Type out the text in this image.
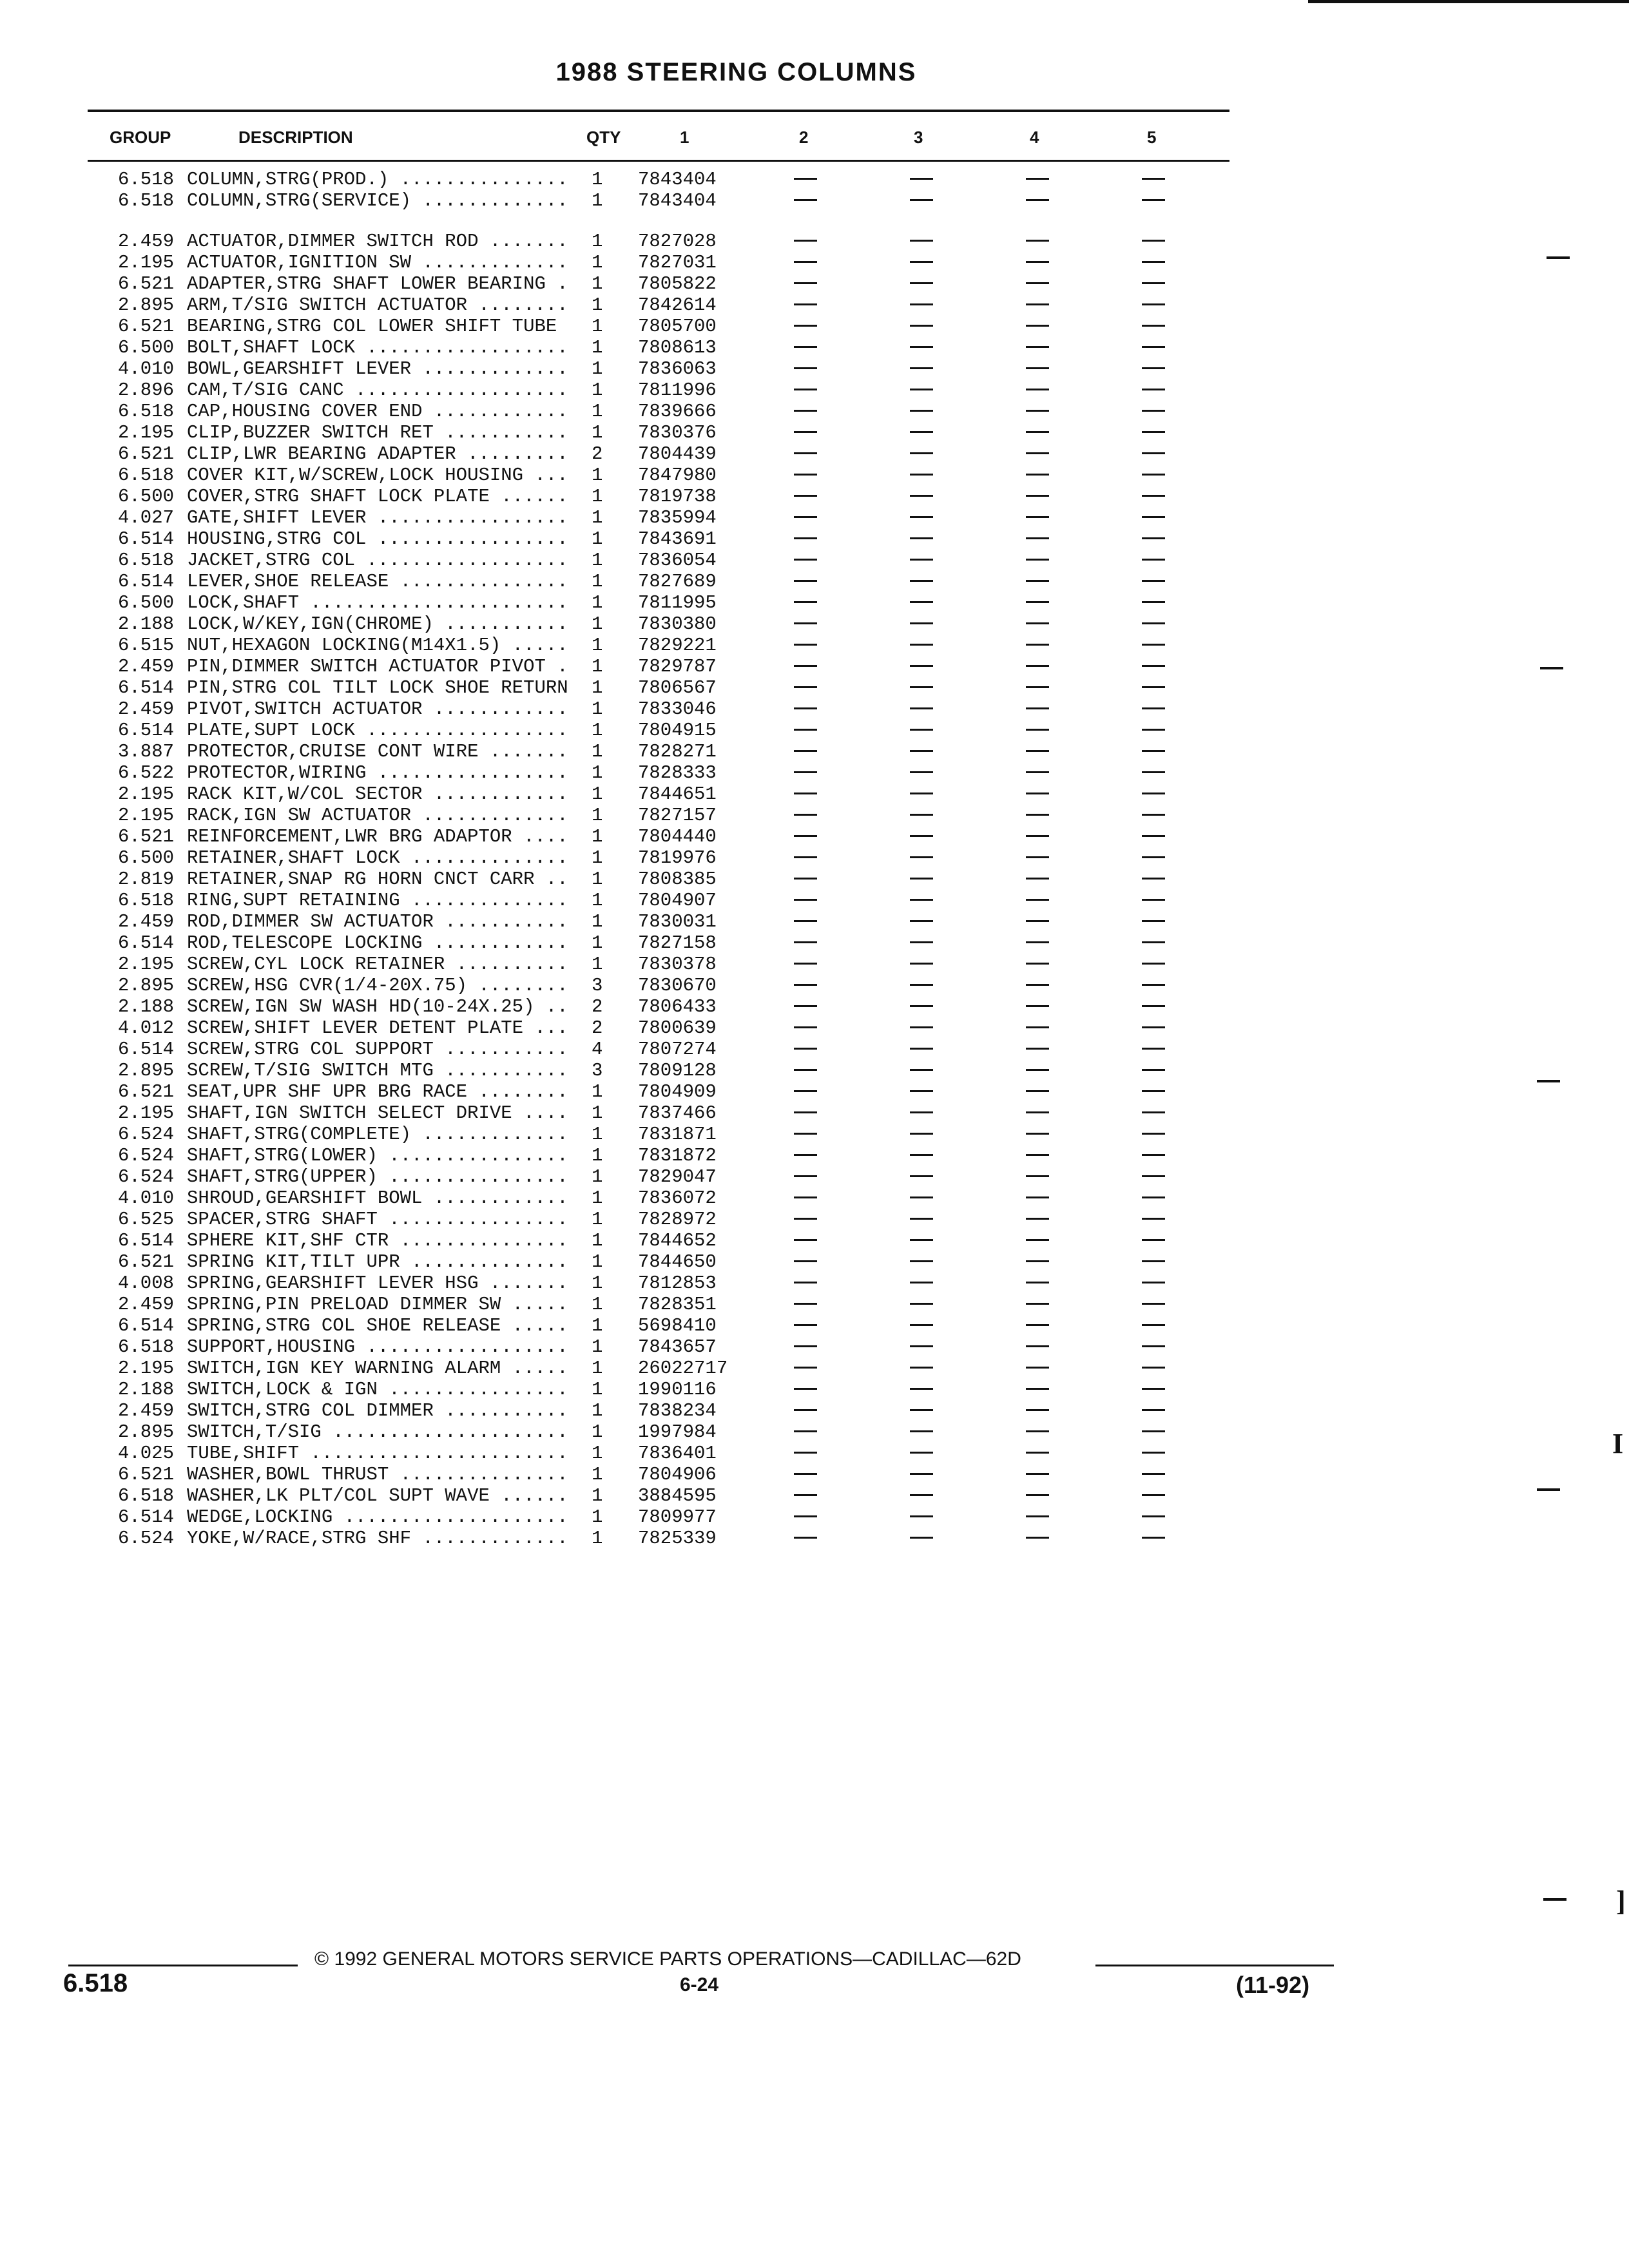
1988 STEERING COLUMNS
GROUP	DESCRIPTION	QTY	1	2	3	4	5
6.518 COLUMN,STRG(PROD.) ...............	1	7843404
6.518 COLUMN,STRG(SERVICE) .............	1	7843404
2.459 ACTUATOR,DIMMER SWITCH ROD .......	1	7827028
2.195 ACTUATOR,IGNITION SW .............	1	7827031
6.521 ADAPTER,STRG SHAFT LOWER BEARING .	1	7805822
2.895 ARM,T/SIG SWITCH ACTUATOR ........	1	7842614
6.521 BEARING,STRG COL LOWER SHIFT TUBE	1	7805700
6.500 BOLT,SHAFT LOCK ..................	1	7808613
4.010 BOWL,GEARSHIFT LEVER .............	1	7836063
2.896 CAM,T/SIG CANC ...................	1	7811996
6.518 CAP,HOUSING COVER END ............	1	7839666
2.195 CLIP,BUZZER SWITCH RET ...........	1	7830376
6.521 CLIP,LWR BEARING ADAPTER .........	2	7804439
6.518 COVER KIT,W/SCREW,LOCK HOUSING ...	1	7847980
6.500 COVER,STRG SHAFT LOCK PLATE ......	1	7819738
4.027 GATE,SHIFT LEVER .................	1	7835994
6.514 HOUSING,STRG COL .................	1	7843691
6.518 JACKET,STRG COL ..................	1	7836054
6.514 LEVER,SHOE RELEASE ...............	1	7827689
6.500 LOCK,SHAFT .......................	1	7811995
2.188 LOCK,W/KEY,IGN(CHROME) ...........	1	7830380
6.515 NUT,HEXAGON LOCKING(M14X1.5) .....	1	7829221
2.459 PIN,DIMMER SWITCH ACTUATOR PIVOT .	1	7829787
6.514 PIN,STRG COL TILT LOCK SHOE RETURN	1	7806567
2.459 PIVOT,SWITCH ACTUATOR ............	1	7833046
6.514 PLATE,SUPT LOCK ..................	1	7804915
3.887 PROTECTOR,CRUISE CONT WIRE .......	1	7828271
6.522 PROTECTOR,WIRING .................	1	7828333
2.195 RACK KIT,W/COL SECTOR ............	1	7844651
2.195 RACK,IGN SW ACTUATOR .............	1	7827157
6.521 REINFORCEMENT,LWR BRG ADAPTOR ....	1	7804440
6.500 RETAINER,SHAFT LOCK ..............	1	7819976
2.819 RETAINER,SNAP RG HORN CNCT CARR ..	1	7808385
6.518 RING,SUPT RETAINING ..............	1	7804907
2.459 ROD,DIMMER SW ACTUATOR ...........	1	7830031
6.514 ROD,TELESCOPE LOCKING ............	1	7827158
2.195 SCREW,CYL LOCK RETAINER ..........	1	7830378
2.895 SCREW,HSG CVR(1/4-20X.75) ........	3	7830670
2.188 SCREW,IGN SW WASH HD(10-24X.25) ..	2	7806433
4.012 SCREW,SHIFT LEVER DETENT PLATE ...	2	7800639
6.514 SCREW,STRG COL SUPPORT ...........	4	7807274
2.895 SCREW,T/SIG SWITCH MTG ...........	3	7809128
6.521 SEAT,UPR SHF UPR BRG RACE ........	1	7804909
2.195 SHAFT,IGN SWITCH SELECT DRIVE ....	1	7837466
6.524 SHAFT,STRG(COMPLETE) .............	1	7831871
6.524 SHAFT,STRG(LOWER) ................	1	7831872
6.524 SHAFT,STRG(UPPER) ................	1	7829047
4.010 SHROUD,GEARSHIFT BOWL ............	1	7836072
6.525 SPACER,STRG SHAFT ................	1	7828972
6.514 SPHERE KIT,SHF CTR ...............	1	7844652
6.521 SPRING KIT,TILT UPR ..............	1	7844650
4.008 SPRING,GEARSHIFT LEVER HSG .......	1	7812853
2.459 SPRING,PIN PRELOAD DIMMER SW .....	1	7828351
6.514 SPRING,STRG COL SHOE RELEASE .....	1	5698410
6.518 SUPPORT,HOUSING ..................	1	7843657
2.195 SWITCH,IGN KEY WARNING ALARM .....	1	26022717
2.188 SWITCH,LOCK & IGN ................	1	1990116
2.459 SWITCH,STRG COL DIMMER ...........	1	7838234
2.895 SWITCH,T/SIG .....................	1	1997984
4.025 TUBE,SHIFT .......................	1	7836401
6.521 WASHER,BOWL THRUST ...............	1	7804906
6.518 WASHER,LK PLT/COL SUPT WAVE ......	1	3884595
6.514 WEDGE,LOCKING ....................	1	7809977
6.524 YOKE,W/RACE,STRG SHF .............	1	7825339
I
]
© 1992 GENERAL MOTORS SERVICE PARTS OPERATIONS—CADILLAC—62D
6.518	6-24	(11-92)
